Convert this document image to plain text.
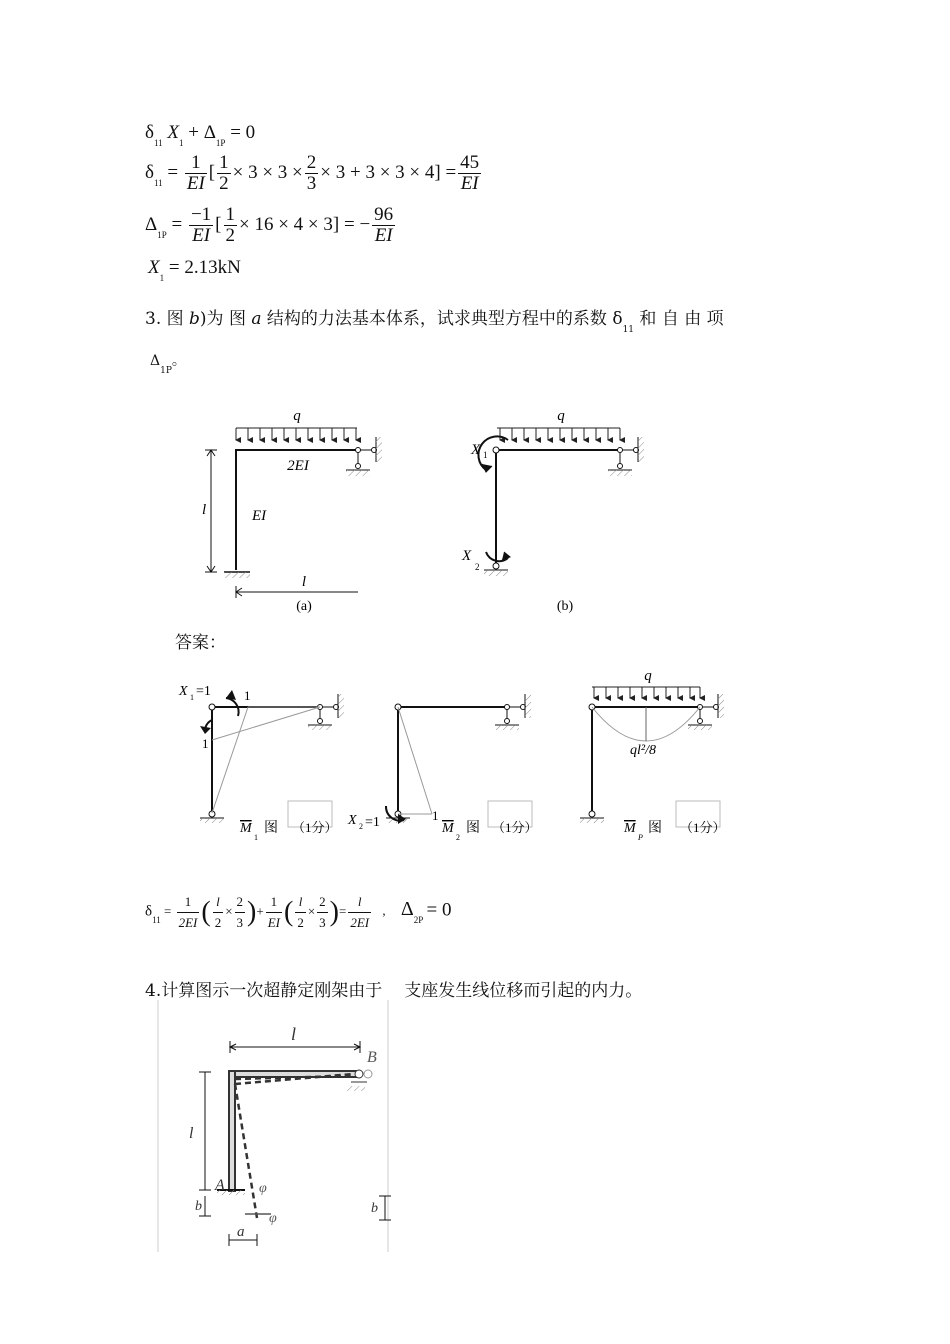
$\delta_{11}$ $X_1 + \Delta_{1P} = 0$
$\delta_{11} = \frac{1}{EI}$ [ $\frac{1}{2} \times 3 \times 3 \times \frac{2}{3} \times 3 + 3 \times 3 \times 4] = \frac{45}{EI}$
$\Delta_{1P} = \frac{-1}{EI}$ [ $\frac{1}{2} \times 16 \times 4 \times 3$] = − $\frac{96}{EI}$
$X_1 = 2.13kN$
3. 图 b)为 图 a 结构的力法基本体系，试求典型方程中的系数 $\delta_{11}$ 和 自 由 项
$\Delta_{1P}$。
q
2EI
EI
l
l
(a)
q
X 1
X
2
(b)
答案：
X 1 =1	1
1
M
1
图 （1分） X 2 =1	1
M
2
图 （1分）
q
ql²/8
M
P
图 （1分）
$\delta_{11} = \frac{1}{2EI}$ ( $\frac{l}{2} \times \frac{2}{3}$ )+ $\frac{1}{EI}$ ( $\frac{l}{2} \times \frac{2}{3}$ )= $\frac{l}{2EI}$ , $\Delta_{2P} = 0$
4.计算图示一次超静定刚架由于 支座发生线位移而引起的内力。
l
B
A φ
φ
l
b	b
a
